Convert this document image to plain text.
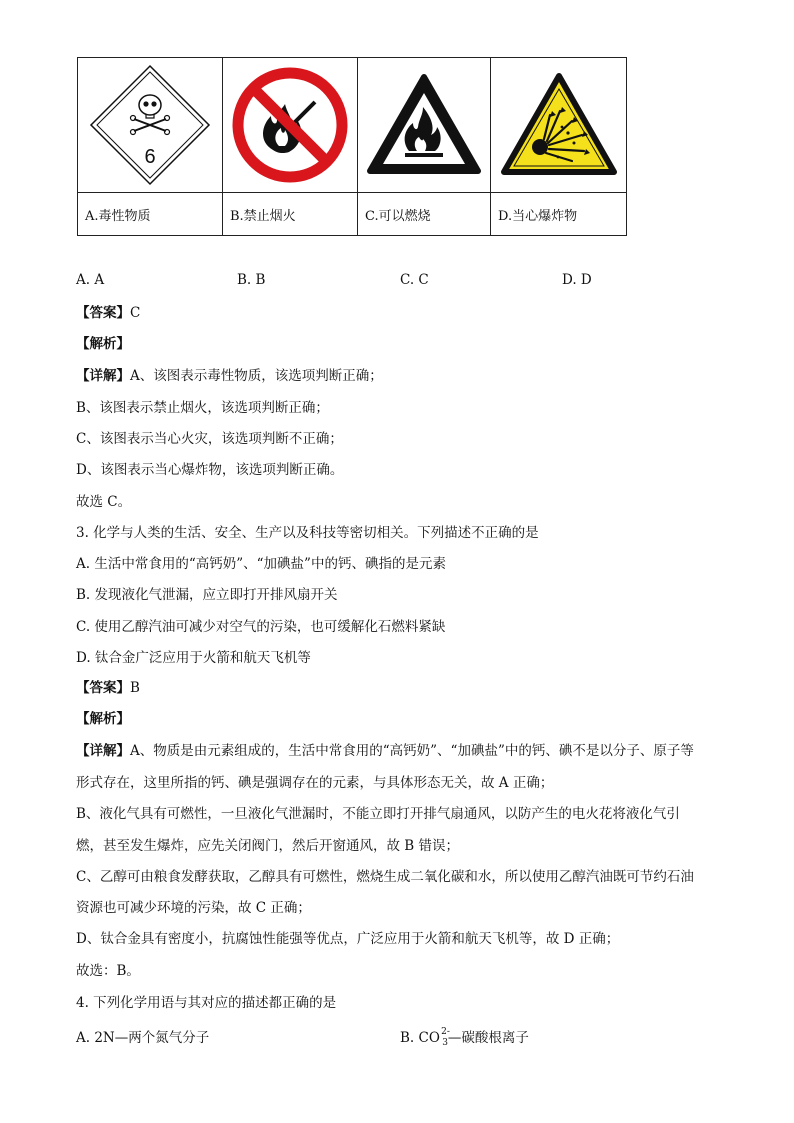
6

A.毒性物质	B.禁止烟火	C.可以燃烧	D.当心爆炸物
A. A	B. B	C. C	D. D
【答案】C
【解析】
【详解】A、该图表示毒性物质，该选项判断正确；
B、该图表示禁止烟火，该选项判断正确；
C、该图表示当心火灾，该选项判断不正确；
D、该图表示当心爆炸物，该选项判断正确。
故选 C。
3. 化学与人类的生活、安全、生产以及科技等密切相关。下列描述不正确的是
A. 生活中常食用的“高钙奶”、“加碘盐”中的钙、碘指的是元素
B. 发现液化气泄漏，应立即打开排风扇开关
C. 使用乙醇汽油可减少对空气的污染，也可缓解化石燃料紧缺
D. 钛合金广泛应用于火箭和航天飞机等
【答案】B
【解析】
【详解】A、物质是由元素组成的，生活中常食用的“高钙奶”、“加碘盐”中的钙、碘不是以分子、原子等
形式存在，这里所指的钙、碘是强调存在的元素，与具体形态无关，故 A 正确；
B、液化气具有可燃性，一旦液化气泄漏时，不能立即打开排气扇通风，以防产生的电火花将液化气引
燃，甚至发生爆炸，应先关闭阀门，然后开窗通风，故 B 错误；
C、乙醇可由粮食发酵获取，乙醇具有可燃性，燃烧生成二氧化碳和水，所以使用乙醇汽油既可节约石油
资源也可减少环境的污染，故 C 正确；
D、钛合金具有密度小，抗腐蚀性能强等优点，广泛应用于火箭和航天飞机等，故 D 正确；
故选：B。
4. 下列化学用语与其对应的描述都正确的是
A. 2N—两个氮气分子	B. CO 2-
3 —碳酸根离子
